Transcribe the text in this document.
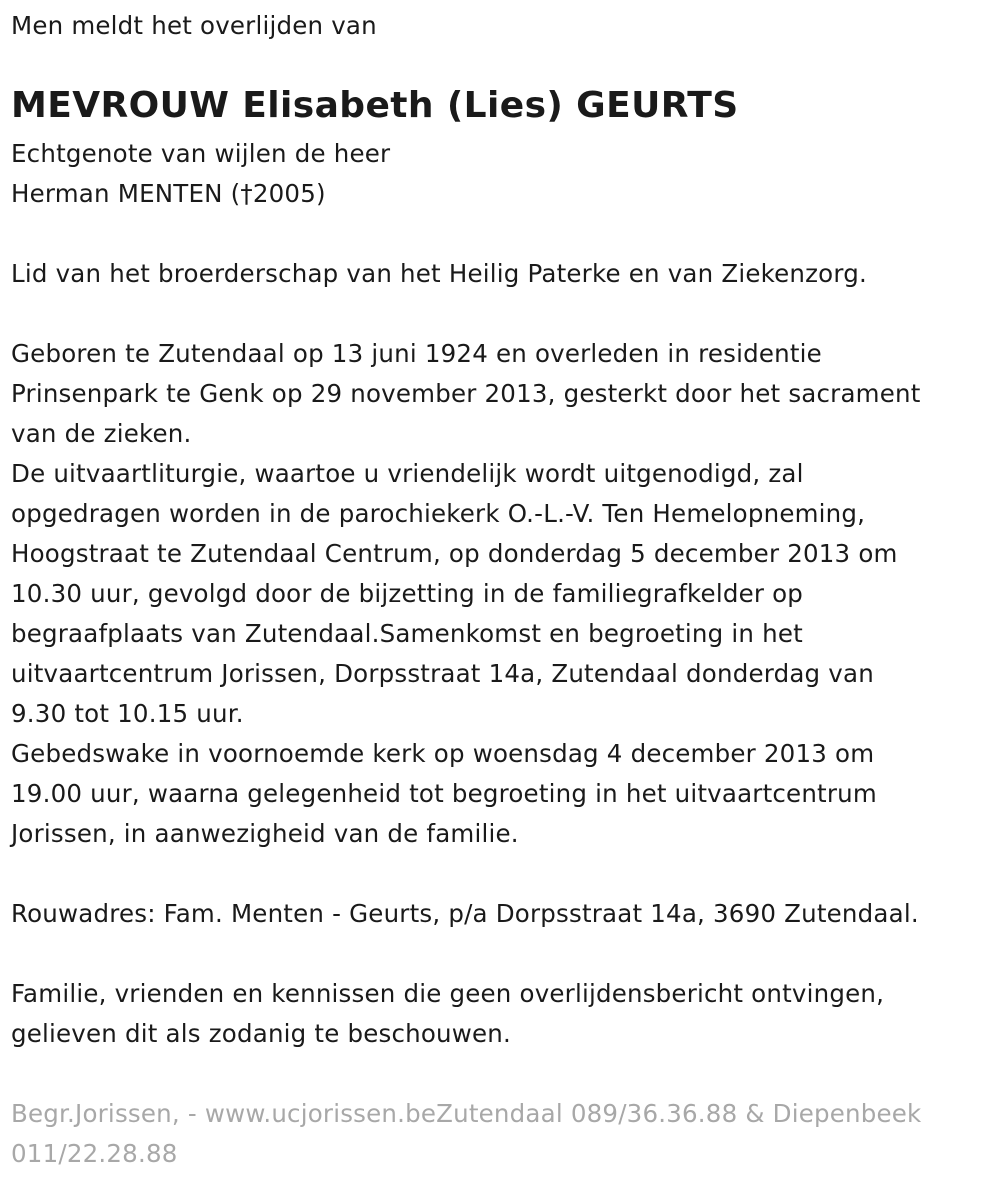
Men meldt het overlijden van
MEVROUW Elisabeth (Lies) GEURTS
Echtgenote van wijlen de heer
Herman MENTEN (†2005)
Lid van het broerderschap van het Heilig Paterke en van Ziekenzorg.
Geboren te Zutendaal op 13 juni 1924 en overleden in residentie
Prinsenpark te Genk op 29 november 2013, gesterkt door het sacrament
van de zieken.
De uitvaartliturgie, waartoe u vriendelijk wordt uitgenodigd, zal
opgedragen worden in de parochiekerk O.-L.-V. Ten Hemelopneming,
Hoogstraat te Zutendaal Centrum, op donderdag 5 december 2013 om
10.30 uur, gevolgd door de bijzetting in de familiegrafkelder op
begraafplaats van Zutendaal.Samenkomst en begroeting in het
uitvaartcentrum Jorissen, Dorpsstraat 14a, Zutendaal donderdag van
9.30 tot 10.15 uur.
Gebedswake in voornoemde kerk op woensdag 4 december 2013 om
19.00 uur, waarna gelegenheid tot begroeting in het uitvaartcentrum
Jorissen, in aanwezigheid van de familie.
Rouwadres: Fam. Menten - Geurts, p/a Dorpsstraat 14a, 3690 Zutendaal.
Familie, vrienden en kennissen die geen overlijdensbericht ontvingen,
gelieven dit als zodanig te beschouwen.
Begr.Jorissen, - www.ucjorissen.beZutendaal 089/36.36.88 & Diepenbeek
011/22.28.88
